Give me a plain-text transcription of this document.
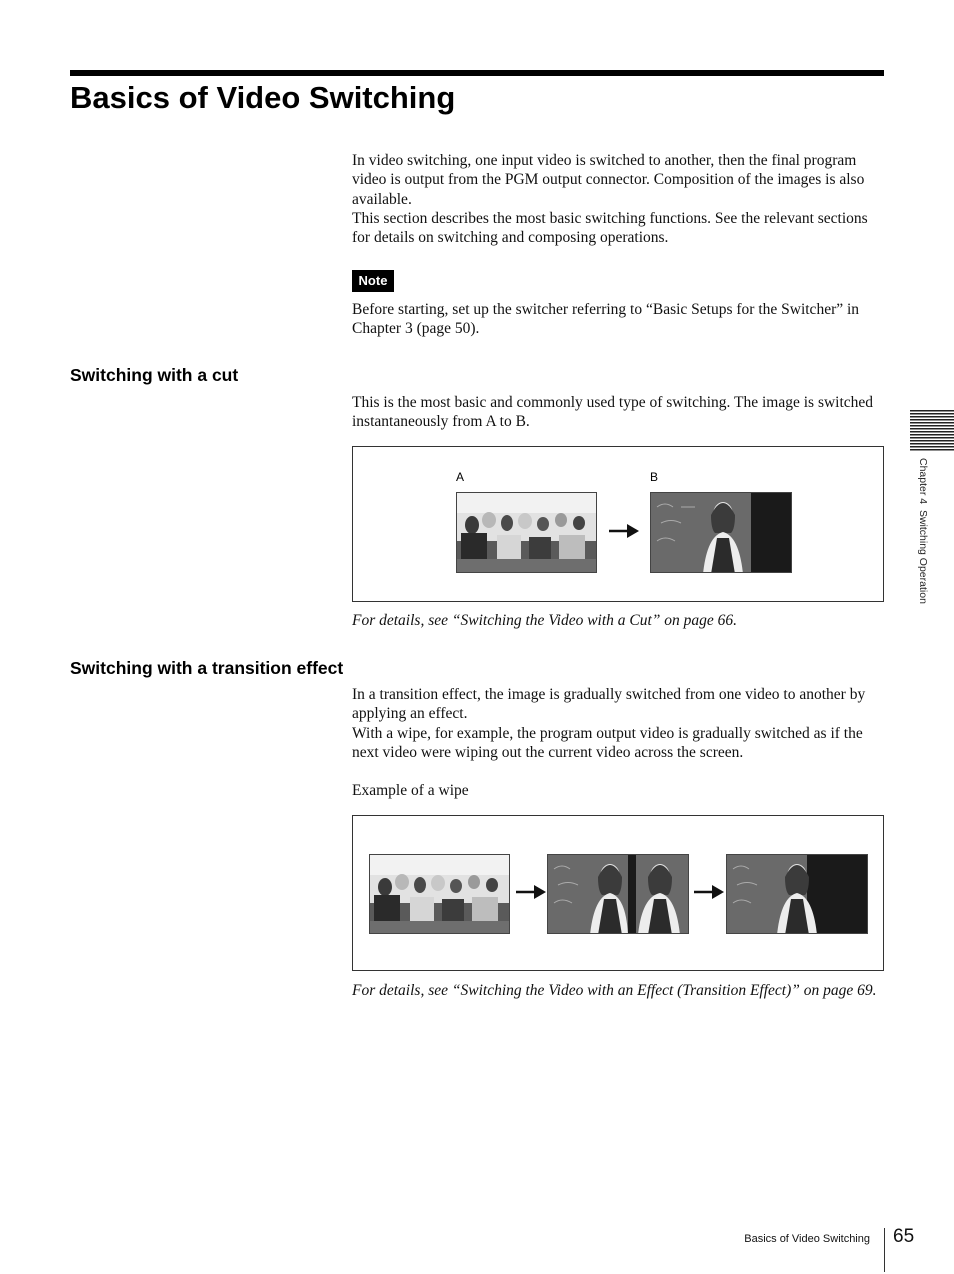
Basics of Video Switching

In video switching, one input video is switched to another, then the final program video is output from the PGM output connector. Composition of the images is also available.

This section describes the most basic switching functions. See the relevant sections for details on switching and composing operations.

Note

Before starting, set up the switcher referring to “Basic Setups for the Switcher” in Chapter 3 (page 50).

Switching with a cut

This is the most basic and commonly used type of switching. The image is switched instantaneously from A to B.

A	B

For details, see “Switching the Video with a Cut” on page 66.

Switching with a transition effect

In a transition effect, the image is gradually switched from one video to another by applying an effect.

With a wipe, for example, the program output video is gradually switched as if the next video were wiping out the current video across the screen.

Example of a wipe

For details, see “Switching the Video with an Effect (Transition Effect)” on page 69.

Chapter 4  Switching Operation
Basics of Video Switching 65
